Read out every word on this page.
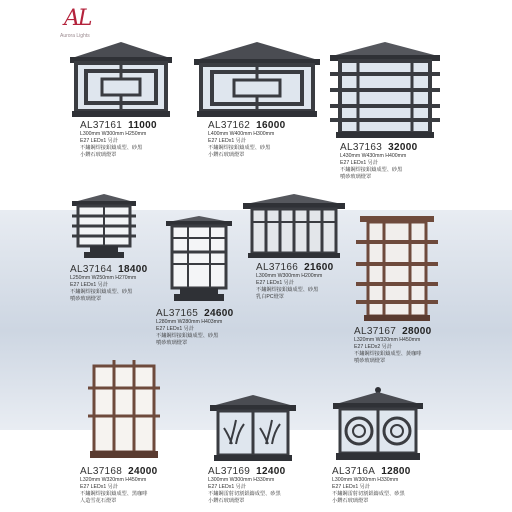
AL
Aurora Lights
AL37161 11000
L300mm W300mm H250mm
E27 LEDx1 另計
不鏽鋼焊接鋁鑄成型、砂黑
小鑽石玻璃燈罩
AL37162 16000
L400mm W400mm H300mm
E27 LEDx1 另計
不鏽鋼焊接鋁鑄成型、砂黑
小鑽石玻璃燈罩
AL37163 32000
L430mm W430mm H400mm
E27 LEDx1 另計
不鏽鋼焊接鋁鑄成型、砂黑
噴砂玻璃燈罩
AL37164 18400
L250mm W250mm H270mm
E27 LEDx1 另計
不鏽鋼焊接鋁鑄成型、砂黑
噴砂玻璃燈罩
AL37165 24600
L280mm W280mm H403mm
E27 LEDx1 另計
不鏽鋼焊接鋁鑄成型、砂黑
噴砂玻璃燈罩
AL37166 21600
L300mm W300mm H200mm
E27 LEDx1 另計
不鏽鋼焊接鋁鑄成型、砂黑
乳白PC燈罩
AL37167 28000
L320mm W320mm H450mm
E27 LEDx2 另計
不鏽鋼焊接鋁鑄成型、黃咖啡
噴砂玻璃燈罩
AL37168 24000
L320mm W320mm H450mm
E27 LEDx1 另計
不鏽鋼焊接鋁鑄成型、黑咖啡
人造雪花石燈罩
AL37169 12400
L300mm W300mm H330mm
E27 LEDx1 另計
不鏽鋼雷射切割鋁鑄成型、砂黑
小鑽石玻璃燈罩
AL3716A 12800
L300mm W300mm H330mm
E27 LEDx1 另計
不鏽鋼雷射切割鋁鑄成型、砂黑
小鑽石玻璃燈罩
